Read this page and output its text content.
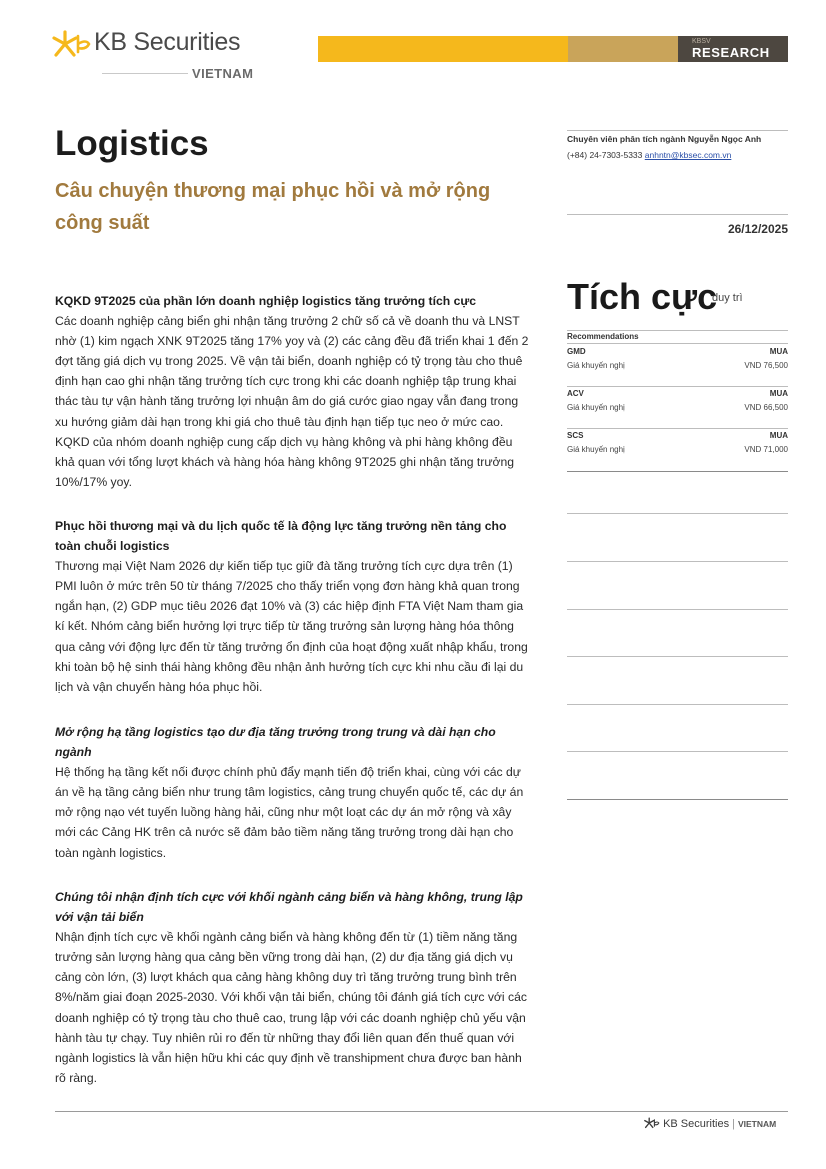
KB Securities
VIETNAM
KBSV
RESEARCH
Logistics
Câu chuyện thương mại phục hồi và mở rộng công suất
Chuyên viên phân tích ngành Nguyễn Ngọc Anh
(+84) 24-7303-5333 anhntn@kbsec.com.vn
26/12/2025
Tích cực
duy trì
Recommendations
GMD	MUA
Giá khuyến nghị	VND 76,500
ACV	MUA
Giá khuyến nghị	VND 66,500
SCS	MUA
Giá khuyến nghị	VND 71,000
KQKD 9T2025 của phần lớn doanh nghiệp logistics tăng trưởng tích cực
Các doanh nghiệp cảng biển ghi nhận tăng trưởng 2 chữ số cả về doanh thu và LNST nhờ (1) kim ngạch XNK 9T2025 tăng 17% yoy và (2) các cảng đều đã triển khai 1 đến 2 đợt tăng giá dịch vụ trong 2025. Về vận tải biển, doanh nghiệp có tỷ trọng tàu cho thuê định hạn cao ghi nhận tăng trưởng tích cực trong khi các doanh nghiệp tập trung khai thác tàu tự vận hành tăng trưởng lợi nhuận âm do giá cước giao ngay vẫn đang trong xu hướng giảm dài hạn trong khi giá cho thuê tàu định hạn tiếp tục neo ở mức cao. KQKD của nhóm doanh nghiệp cung cấp dịch vụ hàng không và phi hàng không đều khả quan với tổng lượt khách và hàng hóa hàng không 9T2025 ghi nhận tăng trưởng 10%/17% yoy.
Phục hồi thương mại và du lịch quốc tế là động lực tăng trưởng nền tảng cho toàn chuỗi logistics
Thương mại Việt Nam 2026 dự kiến tiếp tục giữ đà tăng trưởng tích cực dựa trên (1) PMI luôn ở mức trên 50 từ tháng 7/2025 cho thấy triển vọng đơn hàng khả quan trong ngắn hạn, (2) GDP mục tiêu 2026 đạt 10% và (3) các hiệp định FTA Việt Nam tham gia kí kết. Nhóm cảng biển hưởng lợi trực tiếp từ tăng trưởng sản lượng hàng hóa thông qua cảng với động lực đến từ tăng trưởng ổn định của hoạt động xuất nhập khẩu, trong khi toàn bộ hệ sinh thái hàng không đều nhận ảnh hưởng tích cực khi nhu cầu đi lại du lịch và vận chuyển hàng hóa phục hồi.
Mở rộng hạ tầng logistics tạo dư địa tăng trưởng trong trung và dài hạn cho ngành
Hệ thống hạ tầng kết nối được chính phủ đẩy mạnh tiến độ triển khai, cùng với các dự án về hạ tầng cảng biển như trung tâm logistics, cảng trung chuyển quốc tế, các dự án mở rộng nạo vét tuyến luồng hàng hải, cũng như một loạt các dự án mở rộng và xây mới các Cảng HK trên cả nước sẽ đảm bảo tiềm năng tăng trưởng trong dài hạn cho toàn ngành logistics.
Chúng tôi nhận định tích cực với khối ngành cảng biển và hàng không, trung lập với vận tải biển
Nhận định tích cực về khối ngành cảng biển và hàng không đến từ (1) tiềm năng tăng trưởng sản lượng hàng qua cảng bền vững trong dài hạn, (2) dư địa tăng giá dịch vụ cảng còn lớn, (3) lượt khách qua cảng hàng không duy trì tăng trưởng trung bình trên 8%/năm giai đoạn 2025-2030. Với khối vận tải biển, chúng tôi đánh giá tích cực với các doanh nghiệp có tỷ trọng tàu cho thuê cao, trung lập với các doanh nghiệp chủ yếu vận hành tàu tự chạy. Tuy nhiên rủi ro đến từ những thay đổi liên quan đến thuế quan với ngành logistics là vẫn hiện hữu khi các quy định về transhipment chưa được ban hành rõ ràng.
KB Securities | VIETNAM
